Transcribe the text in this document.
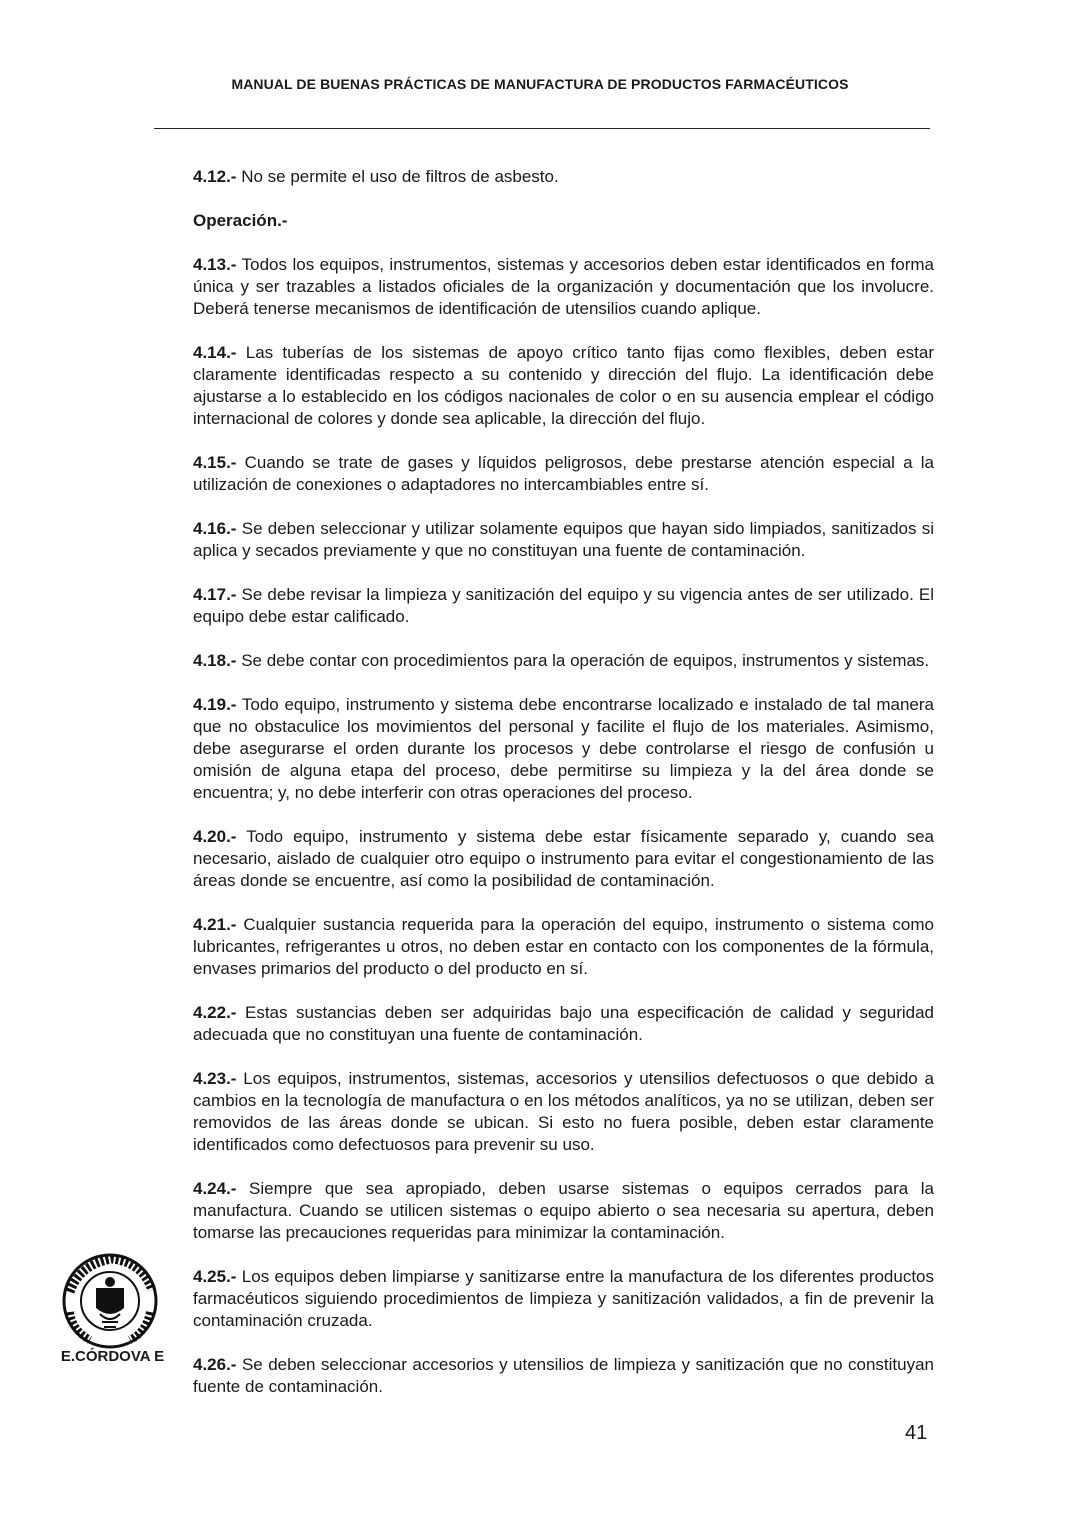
MANUAL DE BUENAS PRÁCTICAS DE MANUFACTURA DE PRODUCTOS FARMACÉUTICOS

4.12.- No se permite el uso de filtros de asbesto.

Operación.-

4.13.- Todos los equipos, instrumentos, sistemas y accesorios deben estar identificados en forma única y ser trazables a listados oficiales de la organización y documentación que los involucre. Deberá tenerse mecanismos de identificación de utensilios cuando aplique.

4.14.- Las tuberías de los sistemas de apoyo crítico tanto fijas como flexibles, deben estar claramente identificadas respecto a su contenido y dirección del flujo. La identificación debe ajustarse a lo establecido en los códigos nacionales de color o en su ausencia emplear el código internacional de colores y donde sea aplicable, la dirección del flujo.

4.15.- Cuando se trate de gases y líquidos peligrosos, debe prestarse atención especial a la utilización de conexiones o adaptadores no intercambiables entre sí.

4.16.- Se deben seleccionar y utilizar solamente equipos que hayan sido limpiados, sanitizados si aplica y secados previamente y que no constituyan una fuente de contaminación.

4.17.- Se debe revisar la limpieza y sanitización del equipo y su vigencia antes de ser utilizado. El equipo debe estar calificado.

4.18.- Se debe contar con procedimientos para la operación de equipos, instrumentos y sistemas.

4.19.- Todo equipo, instrumento y sistema debe encontrarse localizado e instalado de tal manera que no obstaculice los movimientos del personal y facilite el flujo de los materiales. Asimismo, debe asegurarse el orden durante los procesos y debe controlarse el riesgo de confusión u omisión de alguna etapa del proceso, debe permitirse su limpieza y la del área donde se encuentra; y, no debe interferir con otras operaciones del proceso.

4.20.- Todo equipo, instrumento y sistema debe estar físicamente separado y, cuando sea necesario, aislado de cualquier otro equipo o instrumento para evitar el congestionamiento de las áreas donde se encuentre, así como la posibilidad de contaminación.

4.21.- Cualquier sustancia requerida para la operación del equipo, instrumento o sistema como lubricantes, refrigerantes u otros, no deben estar en contacto con los componentes de la fórmula, envases primarios del producto o del producto en sí.

4.22.- Estas sustancias deben ser adquiridas bajo una especificación de calidad y seguridad adecuada que no constituyan una fuente de contaminación.

4.23.- Los equipos, instrumentos, sistemas, accesorios y utensilios defectuosos o que debido a cambios en la tecnología de manufactura o en los métodos analíticos, ya no se utilizan, deben ser removidos de las áreas donde se ubican. Si esto no fuera posible, deben estar claramente identificados como defectuosos para prevenir su uso.

4.24.- Siempre que sea apropiado, deben usarse sistemas o equipos cerrados para la manufactura. Cuando se utilicen sistemas o equipo abierto o sea necesaria su apertura, deben tomarse las precauciones requeridas para minimizar la contaminación.

4.25.- Los equipos deben limpiarse y sanitizarse entre la manufactura de los diferentes productos farmacéuticos siguiendo procedimientos de limpieza y sanitización validados, a fin de prevenir la contaminación cruzada.

4.26.- Se deben seleccionar accesorios y utensilios de limpieza y sanitización que no constituyan fuente de contaminación.

E.CÓRDOVA E
41
